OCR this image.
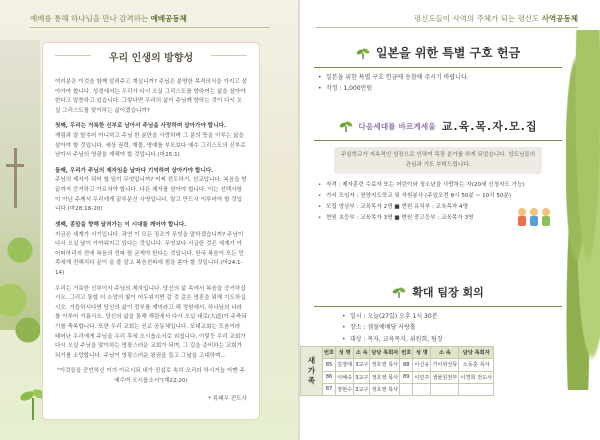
예배를 통해 하나님을 만나 감격하는 예배공동체
우리 인생의 방향성

여러분은 이것을 함께 알려주고 계십니까? 주님은 분명한 목적의식을 가지고 살아가야 합니다. 성경에서는 우리가 다시 오실 그리스도를 향하여는 삶을 살아야 한다고 말씀하고 있습니다. 그렇다면 우리의 삶이 주님께 향하는 것이 다시 오실 그리스도를 맞이하는 삶이겠습니까?

첫째, 우리는 거룩한 신부로 남아서 주님을 사랑하며 살아가야 합니다.

재림과 말 탈추어 아니하고 주님 한 분만을 사랑하며 그 분의 뜻을 이루는 삶을 살아야 할 것입니다. 세상 권력, 재물, 명예를 부모보다 예수 그리스도의 신부로 남아서 주님의 영광을 재해야 할 것입니다.(마25:1)

둘째, 우리가 주님의 제자임을 날마다 기억하며 살아가야 합니다.

주님의 제자가 되어 할 일이 무엇입니까? 어찌 전도하기, 선교입니다. 복음을 땅끝까지 증거하고 가르쳐야 합니다. 다른 제자를 삼아야 합니다. 이는 선택사항이 아닌 주께서 우리에게 끝부분신 사명입니다. 말고 만드시 이루어야 할 것입니다.(마28:18-20)

셋째, 종말을 향해 달려가는 이 시대를 깨어야 합니다.

지금은 세계가 시기입니다. 과연 이 모든 징조가 무엇을 말하겠습니까? 주님이 다시 오실 날이 가까워지고 있다는 것입니다. 무엇보다 시급한 것은 세계가 아 어떠하리지 전에 복음의 전파 함 굳게야 한다는 것입니다. 한국 복음이 모든 민족에게 전해지다 끝이 올 줄 알고 복음전파에 힘을 쏟아 할 것입니다.(마24:1-14)

우리는 거룩한 신부이자 주님의 제자입니다. 당신의 삶 속에서 복음을 증거하십시오. 그리고 통합 더 소망의 빛이 어두워지면 갈 것 같은 영혼을 위해 기도하십시오. 거듭하시다면 당신의 삶이 정부를 재미라고 해 정원에서, 하나님의 나라를 이루어 거름시오. 당신의 삶을 통해 재림에서 다시 오실 대로(大道)가 주축되기를 축복합니다. 또한 우리 교회는 선교 공동체입니다. 포대교회는 도움이라 태어난 우리에게 주님을 우리 후에 오시옵소서로 외칩니다. 이렇듯 우리 교회가 다시 오실 주님을 맞이하는 영광스러운 교회가 되며, 그 길을 준비하는 교회가 되기를 소망합니다. 주님이 영광스러운 왕권을 들고 그날을 고대하며...

"이것들을 증언하신 이가 이르시되 내가 진실로 속히 오리라 하시거늘 아멘 주 예수여 오시옵소서"(계22:20)

* 류태우 전도사

평신도들이 사역의 주체가 되는 평신도 사역공동체
일본을 위한 특별 구호 헌금
• 일본을 위한 특별 구호 헌금에 동참해 주시기 바랍니다.
• 작정 : 1,000만원
다음세대를 바르게세울 교.육.목.자.모.집
주일학교가 지속적인 성장으로 인하여 목장 분가를 하게 되었습니다. 성도님들의 관심과 기도 부탁드립니다.
• 자격 : 제자훈련 수료자 또는 어린이와 청소년을 사랑하는 자(20세 신청자도 가능)
• 가서 모임자 : 천양지도학교 및 자원봉사 (주일오전 8시 50분 ~ 10시 50분)
• 모집 영상부 : 교육목자 2명 ■ 현원 유치부 : 교육목자 4명
• 현원 초등부 : 교육목자 3명 ■ 현원 중고등부 : 교육목자 3명
확대 팀장 회의
• 일시 : 오늘(27일) 오후 1시 30분
• 장소 : 샘물예배당 사랑홀
• 대상 : 목자, 교육목자, 위원회, 팀장
새
가
족
번호	성 명	소 속	담당 목회자	번호	성 명	소 속	담당 목회자
85	김정태	3교구	정호영 목사	88	이신웅	가이위선뮤	노동훈 목사
86	이해숙	3교구	정호영 목사	89	이민주	샘물원전부	이경희 전도사
87	정현수	3교구	정호영 목사				
